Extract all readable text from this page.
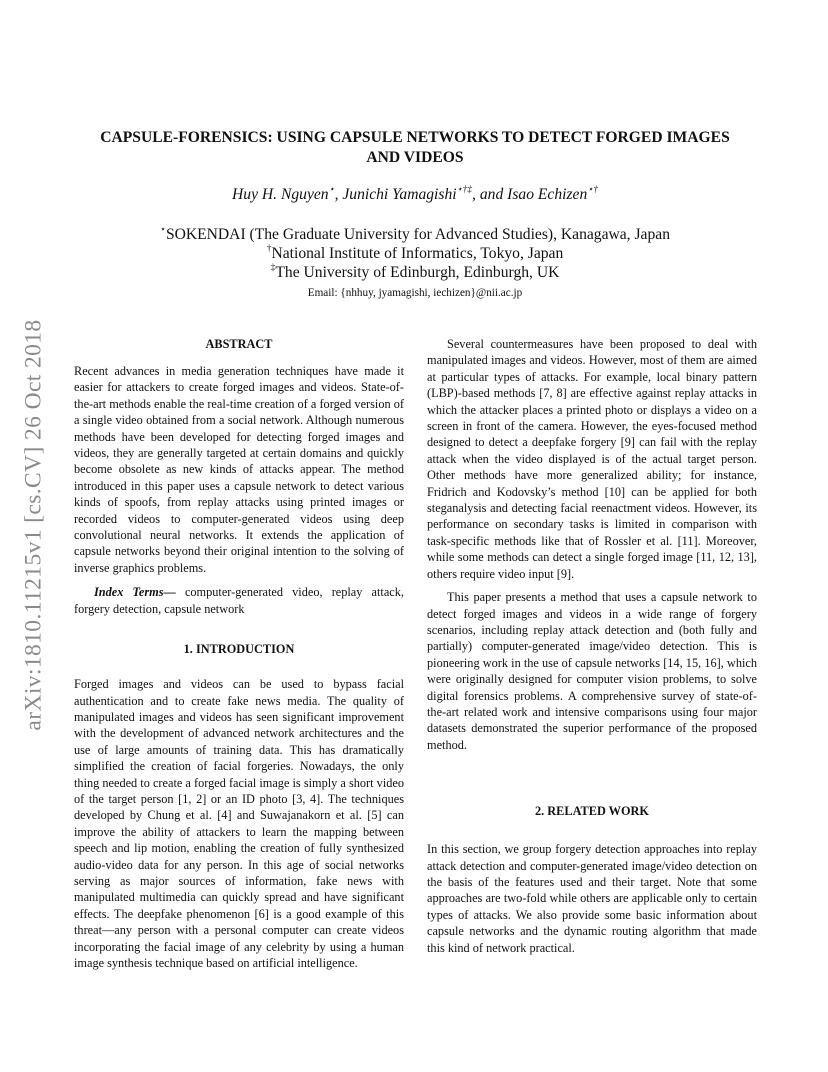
arXiv:1810.11215v1 [cs.CV] 26 Oct 2018
CAPSULE-FORENSICS: USING CAPSULE NETWORKS TO DETECT FORGED IMAGES
AND VIDEOS
Huy H. Nguyen⋆, Junichi Yamagishi⋆†‡, and Isao Echizen⋆†
⋆SOKENDAI (The Graduate University for Advanced Studies), Kanagawa, Japan
†National Institute of Informatics, Tokyo, Japan
‡The University of Edinburgh, Edinburgh, UK
Email: {nhhuy, jyamagishi, iechizen}@nii.ac.jp
ABSTRACT

Recent advances in media generation techniques have made it easier for attackers to create forged images and videos. State-of-the-art methods enable the real-time creation of a forged version of a single video obtained from a social network. Although numerous methods have been developed for detecting forged images and videos, they are generally targeted at certain domains and quickly become obsolete as new kinds of attacks appear. The method introduced in this paper uses a capsule network to detect various kinds of spoofs, from replay attacks using printed images or recorded videos to computer-generated videos using deep convolutional neural networks. It extends the application of capsule networks beyond their original intention to the solving of inverse graphics problems.

Index Terms— computer-generated video, replay attack, forgery detection, capsule network

1. INTRODUCTION

Forged images and videos can be used to bypass facial authentication and to create fake news media. The quality of manipulated images and videos has seen significant improvement with the development of advanced network architectures and the use of large amounts of training data. This has dramatically simplified the creation of facial forgeries. Nowadays, the only thing needed to create a forged facial image is simply a short video of the target person [1, 2] or an ID photo [3, 4]. The techniques developed by Chung et al. [4] and Suwajanakorn et al. [5] can improve the ability of attackers to learn the mapping between speech and lip motion, enabling the creation of fully synthesized audio-video data for any person. In this age of social networks serving as major sources of information, fake news with manipulated multimedia can quickly spread and have significant effects. The deepfake phenomenon [6] is a good example of this threat—any person with a personal computer can create videos incorporating the facial image of any celebrity by using a human image synthesis technique based on artificial intelligence.

Several countermeasures have been proposed to deal with manipulated images and videos. However, most of them are aimed at particular types of attacks. For example, local binary pattern (LBP)-based methods [7, 8] are effective against replay attacks in which the attacker places a printed photo or displays a video on a screen in front of the camera. However, the eyes-focused method designed to detect a deepfake forgery [9] can fail with the replay attack when the video displayed is of the actual target person. Other methods have more generalized ability; for instance, Fridrich and Kodovsky’s method [10] can be applied for both steganalysis and detecting facial reenactment videos. However, its performance on secondary tasks is limited in comparison with task-specific methods like that of Rossler et al. [11]. Moreover, while some methods can detect a single forged image [11, 12, 13], others require video input [9].

This paper presents a method that uses a capsule network to detect forged images and videos in a wide range of forgery scenarios, including replay attack detection and (both fully and partially) computer-generated image/video detection. This is pioneering work in the use of capsule networks [14, 15, 16], which were originally designed for computer vision problems, to solve digital forensics problems. A comprehensive survey of state-of-the-art related work and intensive comparisons using four major datasets demonstrated the superior performance of the proposed method.

2. RELATED WORK

In this section, we group forgery detection approaches into replay attack detection and computer-generated image/video detection on the basis of the features used and their target. Note that some approaches are two-fold while others are applicable only to certain types of attacks. We also provide some basic information about capsule networks and the dynamic routing algorithm that made this kind of network practical.
